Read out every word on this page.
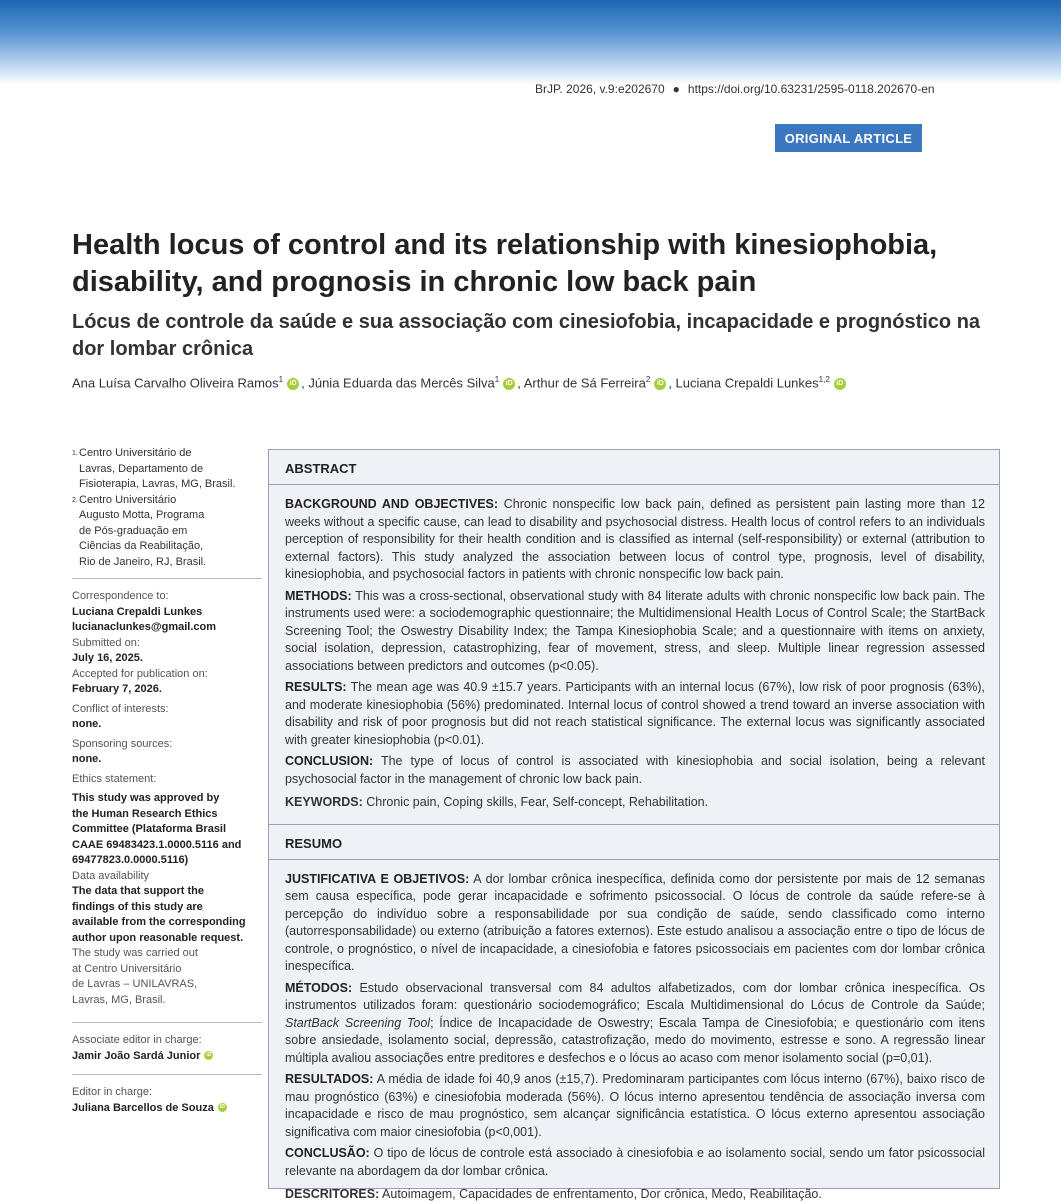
BrJP. 2026, v.9:e202670 ● https://doi.org/10.63231/2595-0118.202670-en
ORIGINAL ARTICLE
Health locus of control and its relationship with kinesiophobia, disability, and prognosis in chronic low back pain
Lócus de controle da saúde e sua associação com cinesiofobia, incapacidade e prognóstico na dor lombar crônica
Ana Luísa Carvalho Oliveira Ramos$^1$ iD , Júnia Eduarda das Mercês Silva$^1$ iD , Arthur de Sá Ferreira$^2$ iD , Luciana Crepaldi Lunkes$^{1,2}$ iD
1. Centro Universitário de
Lavras, Departamento de
Fisioterapia, Lavras, MG, Brasil.
2. Centro Universitário
Augusto Motta, Programa
de Pós-graduação em
Ciências da Reabilitação,
Rio de Janeiro, RJ, Brasil.
Correspondence to:
Luciana Crepaldi Lunkes
lucianaclunkes@gmail.com
Submitted on:
July 16, 2025.
Accepted for publication on:
February 7, 2026.
Conflict of interests:
none.
Sponsoring sources:
none.
Ethics statement:
This study was approved by
the Human Research Ethics
Committee (Plataforma Brasil
CAAE 69483423.1.0000.5116 and
69477823.0.0000.5116)
Data availability
The data that support the
findings of this study are
available from the corresponding
author upon reasonable request.
The study was carried out
at Centro Universitário
de Lavras – UNILAVRAS,
Lavras, MG, Brasil.
Associate editor in charge:
Jamir João Sardá Junior iD
Editor in charge:
Juliana Barcellos de Souza iD
ABSTRACT

BACKGROUND AND OBJECTIVES: Chronic nonspecific low back pain, defined as persistent pain lasting more than 12 weeks without a specific cause, can lead to disability and psychosocial distress. Health locus of control refers to an individuals perception of responsibility for their health condition and is classified as internal (self-responsibility) or external (attribution to external factors). This study analyzed the association between locus of control type, prognosis, level of disability, kinesiophobia, and psychosocial factors in patients with chronic nonspecific low back pain.

METHODS: This was a cross-sectional, observational study with 84 literate adults with chronic nonspecific low back pain. The instruments used were: a sociodemographic questionnaire; the Multidimensional Health Locus of Control Scale; the StartBack Screening Tool; the Oswestry Disability Index; the Tampa Kinesiophobia Scale; and a questionnaire with items on anxiety, social isolation, depression, catastrophizing, fear of movement, stress, and sleep. Multiple linear regression assessed associations between predictors and outcomes (p<0.05).

RESULTS: The mean age was 40.9 ±15.7 years. Participants with an internal locus (67%), low risk of poor prognosis (63%), and moderate kinesiophobia (56%) predominated. Internal locus of control showed a trend toward an inverse association with disability and risk of poor prognosis but did not reach statistical significance. The external locus was significantly associated with greater kinesiophobia (p<0.01).

CONCLUSION: The type of locus of control is associated with kinesiophobia and social isolation, being a relevant psychosocial factor in the management of chronic low back pain.

KEYWORDS: Chronic pain, Coping skills, Fear, Self-concept, Rehabilitation.

RESUMO

JUSTIFICATIVA E OBJETIVOS: A dor lombar crônica inespecífica, definida como dor persistente por mais de 12 semanas sem causa específica, pode gerar incapacidade e sofrimento psicossocial. O lócus de controle da saúde refere-se à percepção do indivíduo sobre a responsabilidade por sua condição de saúde, sendo classificado como interno (autorresponsabilidade) ou externo (atribuição a fatores externos). Este estudo analisou a associação entre o tipo de lócus de controle, o prognóstico, o nível de incapacidade, a cinesiofobia e fatores psicossociais em pacientes com dor lombar crônica inespecífica.

MÉTODOS: Estudo observacional transversal com 84 adultos alfabetizados, com dor lombar crônica inespecífica. Os instrumentos utilizados foram: questionário sociodemográfico; Escala Multidimensional do Lócus de Controle da Saúde; StartBack Screening Tool; Índice de Incapacidade de Oswestry; Escala Tampa de Cinesiofobia; e questionário com itens sobre ansiedade, isolamento social, depressão, catastrofização, medo do movimento, estresse e sono. A regressão linear múltipla avaliou associações entre preditores e desfechos e o lócus ao acaso com menor isolamento social (p=0,01).

RESULTADOS: A média de idade foi 40,9 anos (±15,7). Predominaram participantes com lócus interno (67%), baixo risco de mau prognóstico (63%) e cinesiofobia moderada (56%). O lócus interno apresentou tendência de associação inversa com incapacidade e risco de mau prognóstico, sem alcançar significância estatística. O lócus externo apresentou associação significativa com maior cinesiofobia (p<0,001).

CONCLUSÃO: O tipo de lócus de controle está associado à cinesiofobia e ao isolamento social, sendo um fator psicossocial relevante na abordagem da dor lombar crônica.

DESCRITORES: Autoimagem, Capacidades de enfrentamento, Dor crônica, Medo, Reabilitação.
